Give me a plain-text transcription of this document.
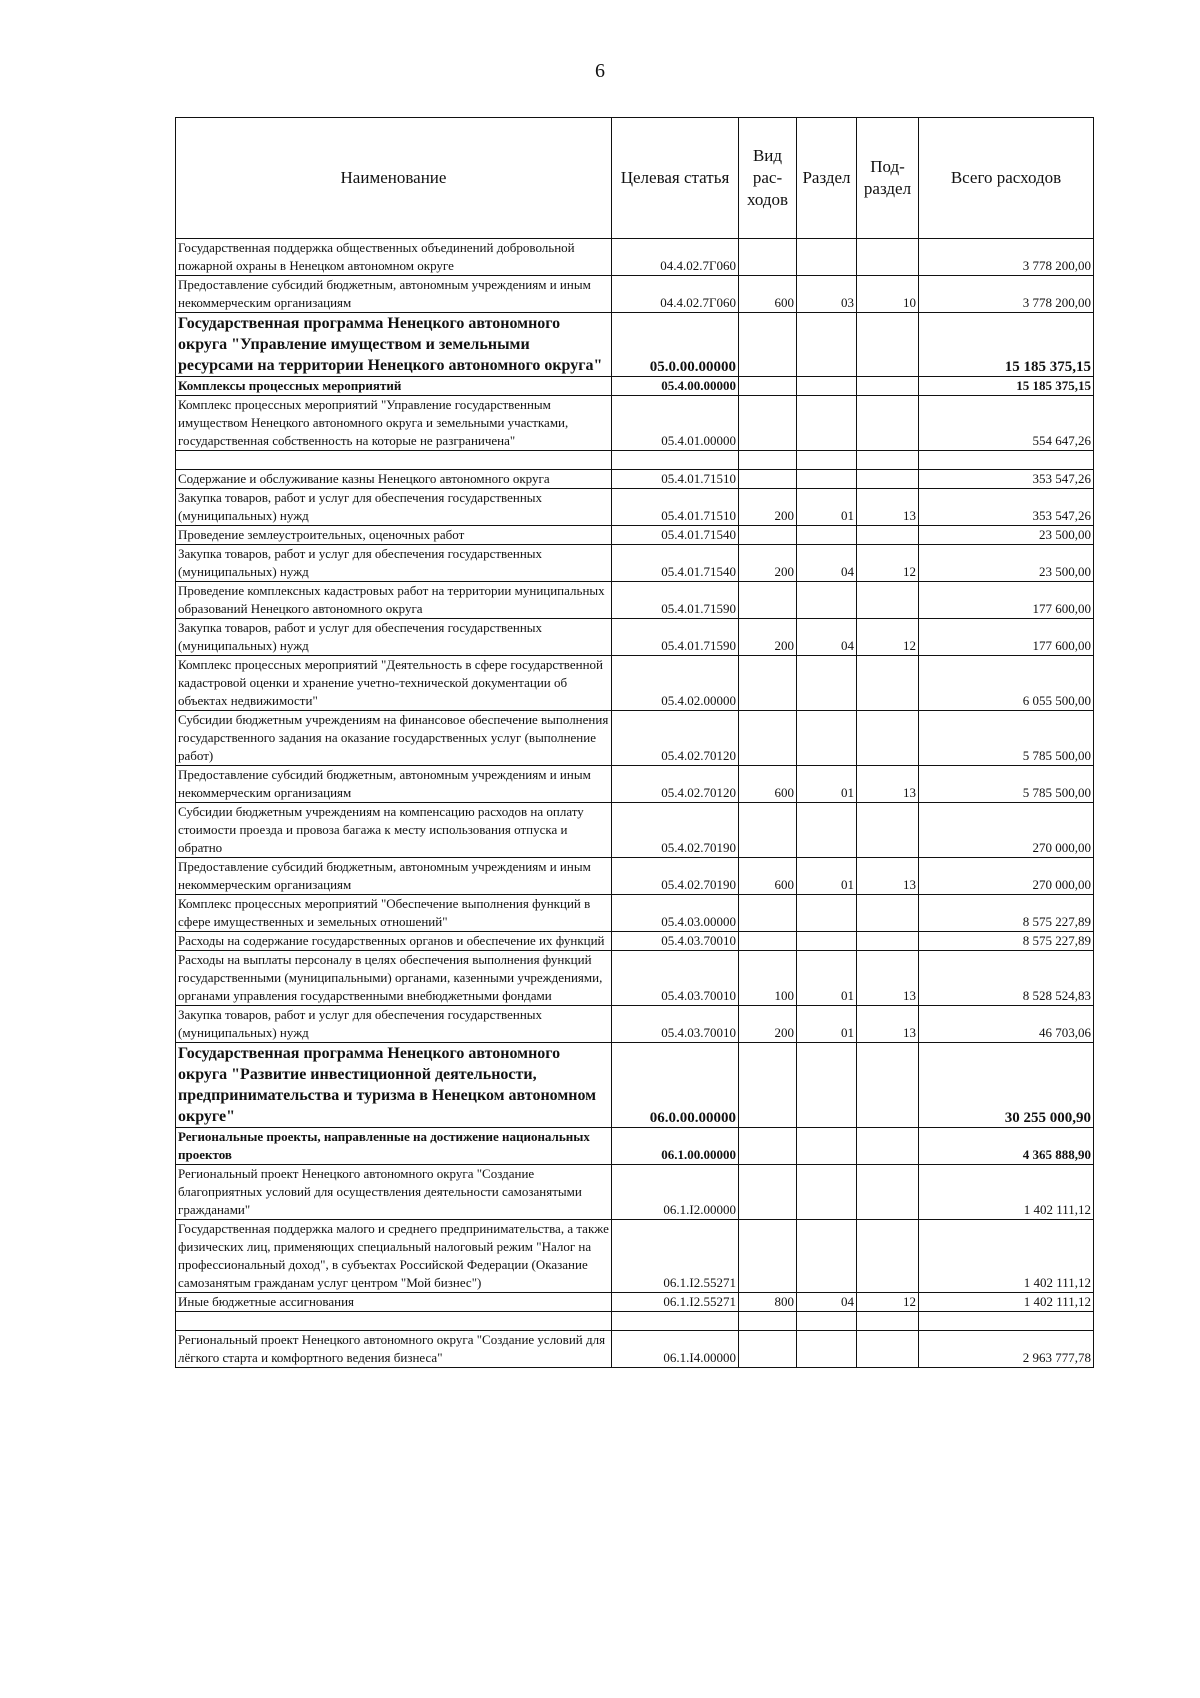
6
Наименование	Целевая статья	Вид рас-ходов	Раздел	Под-раздел	Всего расходов
Государственная поддержка общественных объединений добровольной пожарной охраны в Ненецком автономном округе	04.4.02.7Г060				3 778 200,00
Предоставление субсидий бюджетным, автономным учреждениям и иным некоммерческим организациям	04.4.02.7Г060	600	03	10	3 778 200,00
Государственная программа Ненецкого автономного округа "Управление имуществом и земельными ресурсами на территории Ненецкого автономного округа"	05.0.00.00000				15 185 375,15
Комплексы процессных мероприятий	05.4.00.00000				15 185 375,15
Комплекс процессных мероприятий "Управление государственным имуществом Ненецкого автономного округа и земельными участками, государственная собственность на которые не разграничена"	05.4.01.00000				554 647,26

Содержание и обслуживание казны Ненецкого автономного округа	05.4.01.71510				353 547,26
Закупка товаров, работ и услуг для обеспечения государственных (муниципальных) нужд	05.4.01.71510	200	01	13	353 547,26
Проведение землеустроительных, оценочных работ	05.4.01.71540				23 500,00
Закупка товаров, работ и услуг для обеспечения государственных (муниципальных) нужд	05.4.01.71540	200	04	12	23 500,00
Проведение комплексных кадастровых работ на территории муниципальных образований Ненецкого автономного округа	05.4.01.71590				177 600,00
Закупка товаров, работ и услуг для обеспечения государственных (муниципальных) нужд	05.4.01.71590	200	04	12	177 600,00
Комплекс процессных мероприятий "Деятельность в сфере государственной кадастровой оценки и хранение учетно-технической документации об объектах недвижимости"	05.4.02.00000				6 055 500,00
Субсидии бюджетным учреждениям на финансовое обеспечение выполнения государственного задания на оказание государственных услуг (выполнение работ)	05.4.02.70120				5 785 500,00
Предоставление субсидий бюджетным, автономным учреждениям и иным некоммерческим организациям	05.4.02.70120	600	01	13	5 785 500,00
Субсидии бюджетным учреждениям на компенсацию расходов на оплату стоимости проезда и провоза багажа к месту использования отпуска и обратно	05.4.02.70190				270 000,00
Предоставление субсидий бюджетным, автономным учреждениям и иным некоммерческим организациям	05.4.02.70190	600	01	13	270 000,00
Комплекс процессных мероприятий "Обеспечение выполнения функций в сфере имущественных и земельных отношений"	05.4.03.00000				8 575 227,89
Расходы на содержание государственных органов и обеспечение их функций	05.4.03.70010				8 575 227,89
Расходы на выплаты персоналу в целях обеспечения выполнения функций государственными (муниципальными) органами, казенными учреждениями, органами управления государственными внебюджетными фондами	05.4.03.70010	100	01	13	8 528 524,83
Закупка товаров, работ и услуг для обеспечения государственных (муниципальных) нужд	05.4.03.70010	200	01	13	46 703,06
Государственная программа Ненецкого автономного округа "Развитие инвестиционной деятельности, предпринимательства и туризма в Ненецком автономном округе"	06.0.00.00000				30 255 000,90
Региональные проекты, направленные на достижение национальных проектов	06.1.00.00000				4 365 888,90
Региональный проект Ненецкого автономного округа "Создание благоприятных условий для осуществления деятельности самозанятыми гражданами"	06.1.I2.00000				1 402 111,12
Государственная поддержка малого и среднего предпринимательства, а также физических лиц, применяющих специальный налоговый режим "Налог на профессиональный доход", в субъектах Российской Федерации (Оказание самозанятым гражданам услуг центром "Мой бизнес")	06.1.I2.55271				1 402 111,12
Иные бюджетные ассигнования	06.1.I2.55271	800	04	12	1 402 111,12

Региональный проект Ненецкого автономного округа "Создание условий для лёгкого старта и комфортного ведения бизнеса"	06.1.I4.00000				2 963 777,78
